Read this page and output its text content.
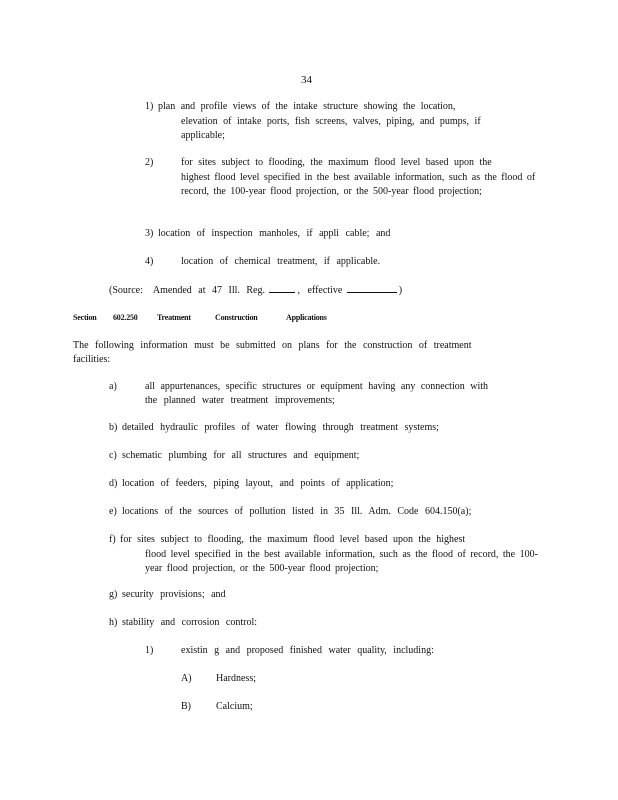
34
1) plan and profile views of the intake structure showing the location,
elevation of intake ports, fish screens, valves, piping, and pumps, if applicable;
2)	for sites subject to flooding, the maximum flood level based upon the
highest flood level specified in the best available information, such as the flood of record, the 100-year flood projection, or the 500-year flood projection;
3) location of inspection manholes, if appli cable; and
4)	location of chemical treatment, if applicable.
(Source: Amended at 47 Ill. Reg.	, effective	)
Section 602.250 Treatment	Construction	Applications
The following information must be submitted on plans for the construction of treatment facilities:
a)	all appurtenances, specific structures or equipment having any connection with
the planned water treatment improvements;
b) detailed hydraulic profiles of water flowing through treatment systems;
c) schematic plumbing for all structures and equipment;
d) location of feeders, piping layout, and points of application;
e) locations of the sources of pollution listed in 35 Ill. Adm. Code 604.150(a);
f) for sites subject to flooding, the maximum flood level based upon the highest
flood level specified in the best available information, such as the flood of record, the 100-year flood projection, or the 500-year flood projection;
g) security provisions; and
h) stability and corrosion control:
1)	existin g and proposed finished water quality, including:
A) Hardness;
B)	Calcium;
